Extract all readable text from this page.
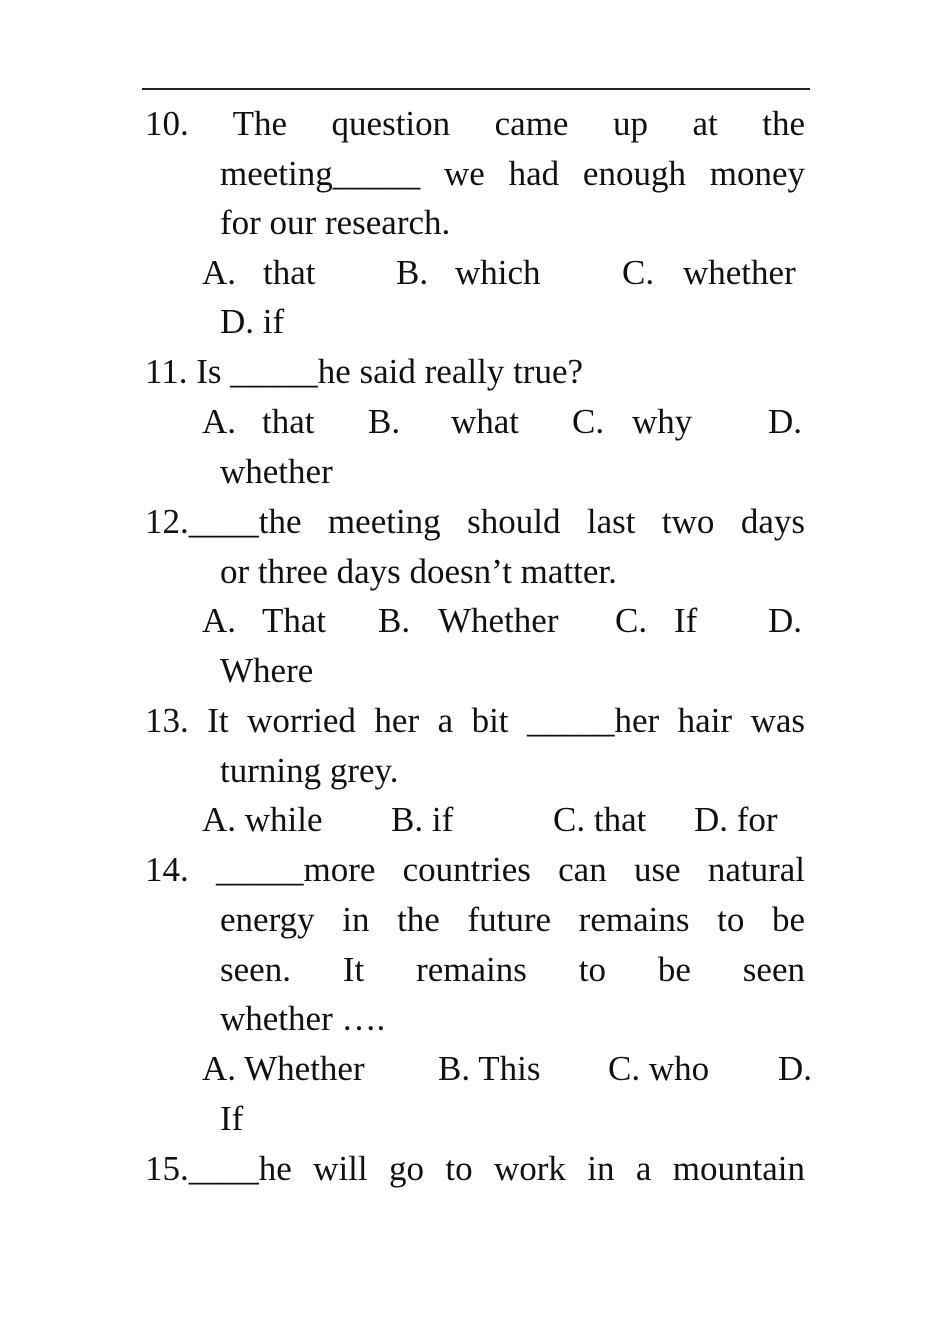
10. The question came up at the
meeting_____ we had enough money
for our research.
A. that B. which C. whether
D. if
11. Is _____he said really true?
A. that B. what C. why D.
whether
12.____the meeting should last two days
or three days doesn’t matter.
A. That B. Whether C. If D.
Where
13. It worried her a bit _____her hair was
turning grey.
A. while B. if	C. that D. for
14. _____more countries can use natural
energy in the future remains to be
seen. It remains to be seen
whether ….
A. Whether B. This C. who D.
If
15.____he will go to work in a mountain
